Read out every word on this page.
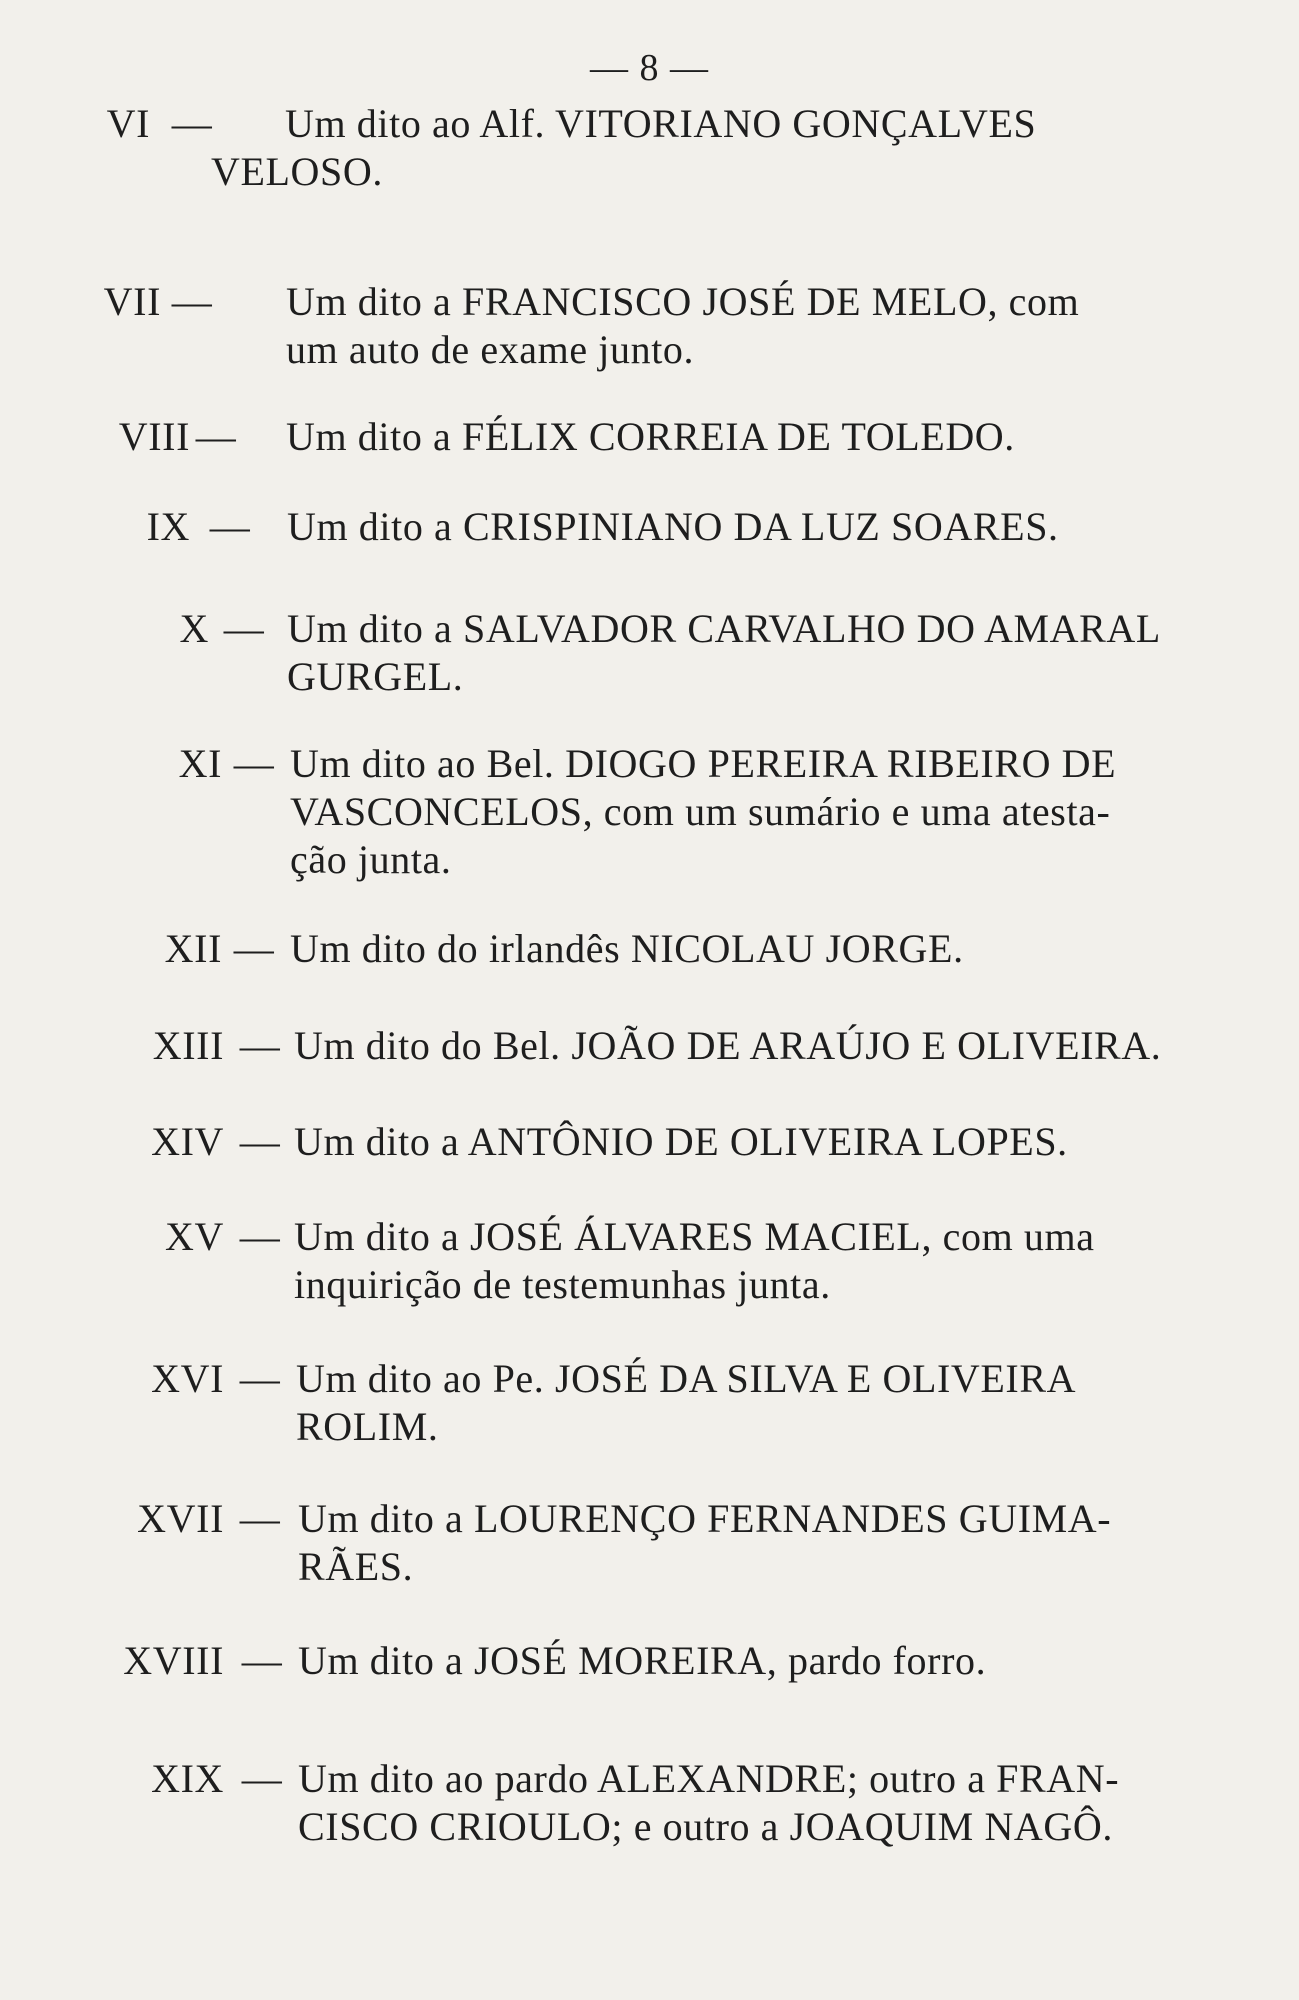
— 8 —
VI — Um dito ao Alf. VITORIANO GONÇALVES
VELOSO.
VII — Um dito a FRANCISCO JOSÉ DE MELO, com
um auto de exame junto.
VIII — Um dito a FÉLIX CORREIA DE TOLEDO.
IX — Um dito a CRISPINIANO DA LUZ SOARES.
X — Um dito a SALVADOR CARVALHO DO AMARAL
GURGEL.
XI — Um dito ao Bel. DIOGO PEREIRA RIBEIRO DE
VASCONCELOS, com um sumário e uma atesta-
ção junta.
XII — Um dito do irlandês NICOLAU JORGE.
XIII — Um dito do Bel. JOÃO DE ARAÚJO E OLIVEIRA.
XIV — Um dito a ANTÔNIO DE OLIVEIRA LOPES.
XV — Um dito a JOSÉ ÁLVARES MACIEL, com uma
inquirição de testemunhas junta.
XVI — Um dito ao Pe. JOSÉ DA SILVA E OLIVEIRA
ROLIM.
XVII — Um dito a LOURENÇO FERNANDES GUIMA-
RÃES.
XVIII — Um dito a JOSÉ MOREIRA, pardo forro.
XIX — Um dito ao pardo ALEXANDRE; outro a FRAN-
CISCO CRIOULO; e outro a JOAQUIM NAGÔ.
